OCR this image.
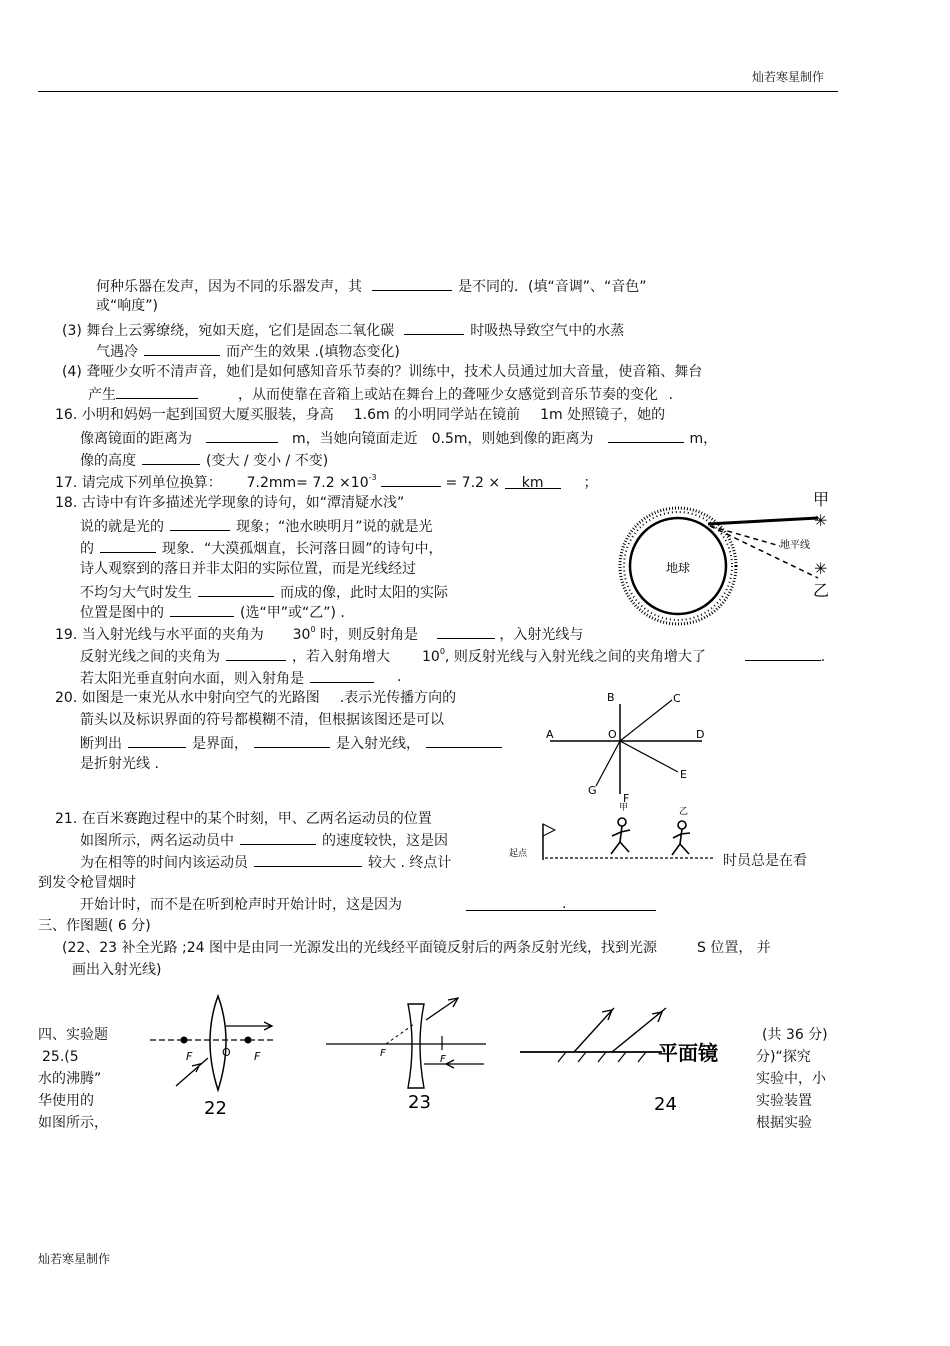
灿若寒星制作
何种乐器在发声，因为不同的乐器发声，其	是不同的．(填“音调”、“音色”
或“响度”)
(3) 舞台上云雾缭绕，宛如天庭，它们是固态二氧化碳	时吸热导致空气中的水蒸
气遇冷	而产生的效果 .(填物态变化)
(4) 聋哑少女听不清声音，她们是如何感知音乐节奏的？训练中，技术人员通过加大音量，使音箱、舞台
产生	，从而使靠在音箱上或站在舞台上的聋哑少女感觉到音乐节奏的变化 .
16. 小明和妈妈一起到国贸大厦买服装，身高 1.6m 的小明同学站在镜前 1m 处照镜子，她的
像离镜面的距离为	m，当她向镜面走近 0.5m，则她到像的距离为	m，
像的高度	(变大 / 变小 / 不变)
18. 古诗中有许多描述光学现象的诗句，如“潭清疑水浅”
说的就是光的	现象；“池水映明月”说的就是光
的	现象．“大漠孤烟直，长河落日圆”的诗句中，
诗人观察到的落日并非太阳的实际位置，而是光线经过
不均匀大气时发生	而成的像，此时太阳的实际
位置是图中的	(选“甲”或“乙”) .
反射光线之间的夹角为	，若入射角增大
若太阳光垂直射向水面，则入射角是
20. 如图是一束光从水中射向空气的光路图 .表示光传播方向的
箭头以及标识界面的符号都模糊不清，但根据该图还是可以
断判出	是界面，	是入射光线，
是折射光线 .
21. 在百米赛跑过程中的某个时刻，甲、乙两名运动员的位置
如图所示，两名运动员中	的速度较快，这是因
为在相等的时间内该运动员	较大 . 终点计	时员总是在看
到发令枪冒烟时
开始计时，而不是在听到枪声时开始计时，这是因为
三、作图题( 6 分)
(22、23 补全光路 ;24 图中是由同一光源发出的光线经平面镜反射后的两条反射光线，找到光源	S 位置， 并
画出入射光线)
四、实验题	(共 36 分)
25.(5	分)“探究
水的沸腾”	实验中，小
华使用的	实验装置
如图所示，	根据实验
17. 请完成下列单位换算： $7.2mm= 7.2 \times 10^{-3}$	= 7.2 × km	；
19. 当入射光线与水平面的夹角为 $30^0$ 时，则反射角是	，入射光线与
$10^0$, 则反射光线与入射光线之间的夹角增大了	.
.
.
地球
地平线
甲
✳
✳
乙
A
B	C
D
E
F
G
O
起点
甲	乙
F	F
O
22
F
F
23
平面镜
24
灿若寒星制作
